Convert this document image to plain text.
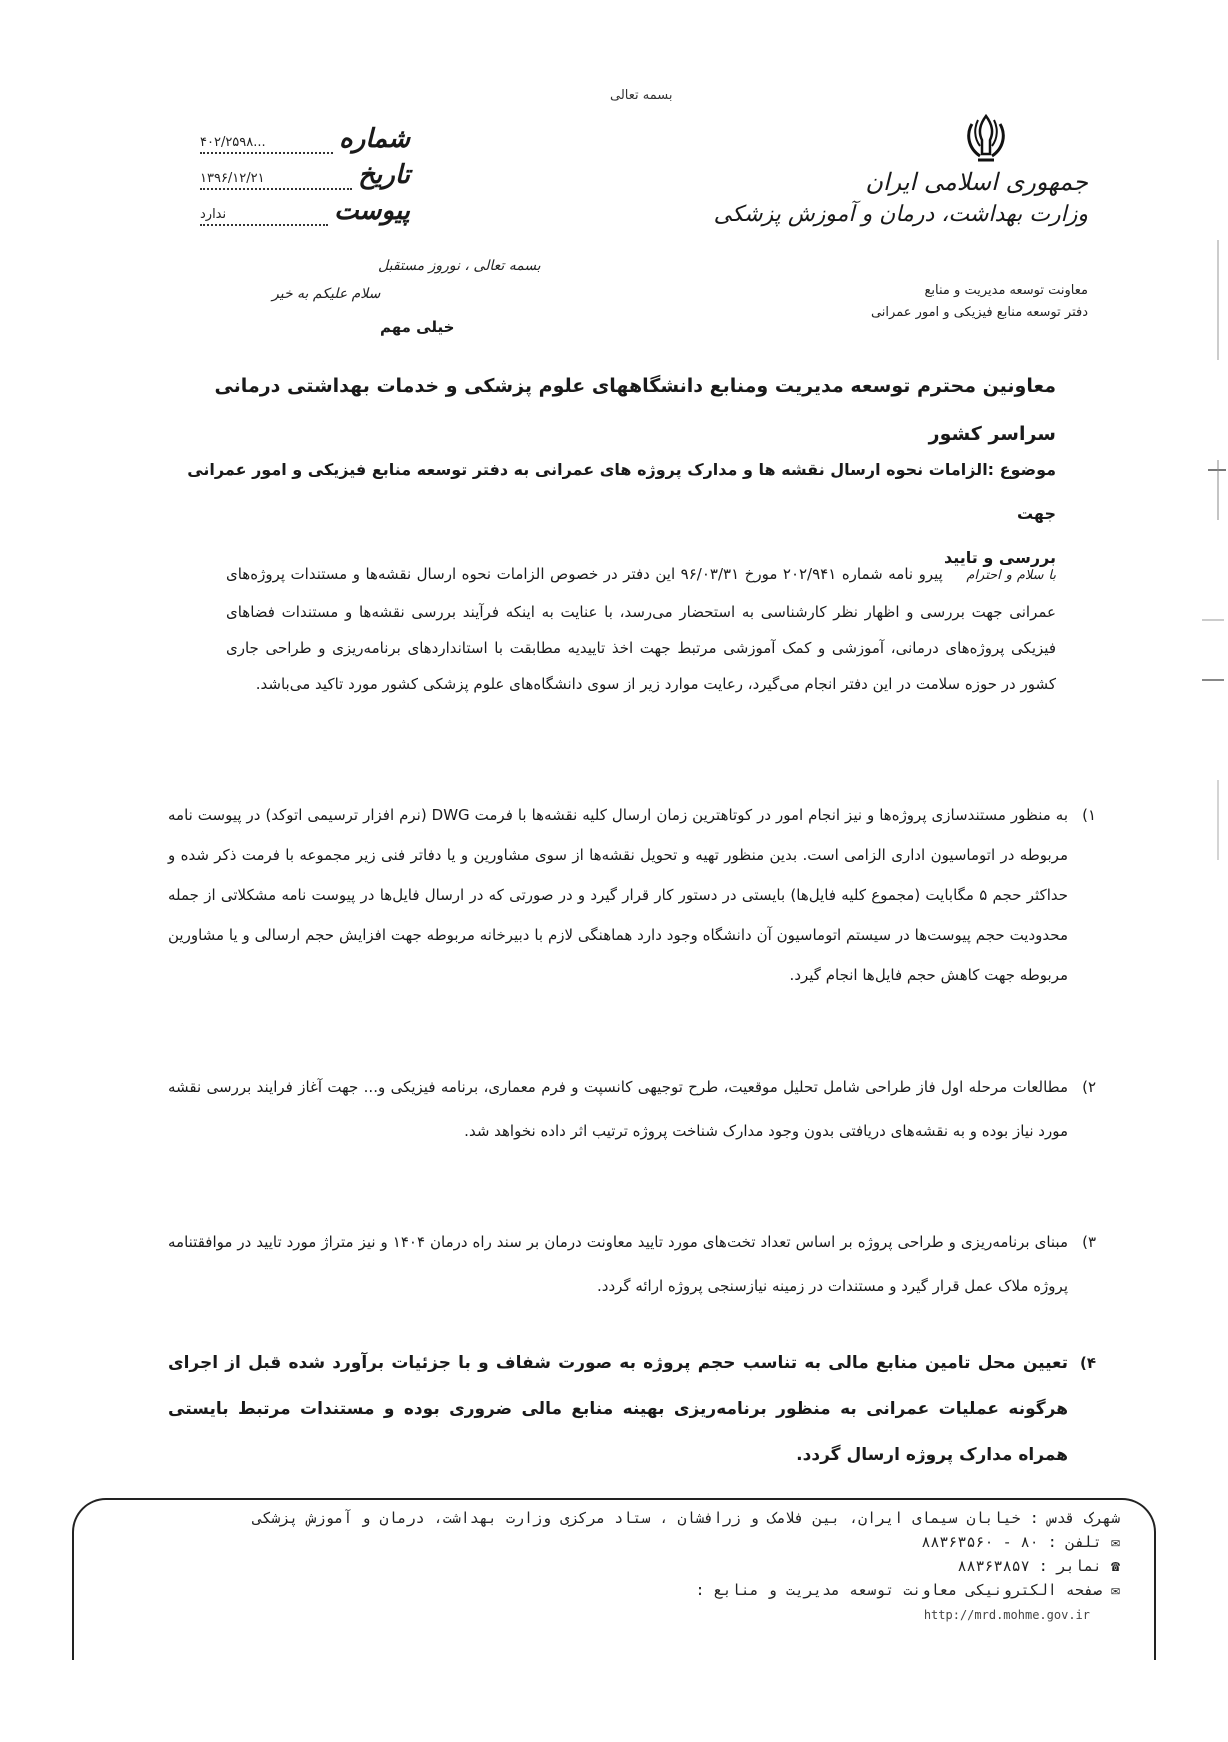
بسمه تعالی
جمهوری اسلامی ایران
وزارت بهداشت، درمان و آموزش پزشکی
معاونت توسعه مدیریت و منابع
دفتر توسعه منابع فیزیکی و امور عمرانی
شماره
۴۰۲/۲۵۹۸...
تاریخ
۱۳۹۶/۱۲/۲۱
پیوست
ندارد
بسمه تعالی ، نوروز مستقبل
سلام علیکم به خیر
خیلی مهم
معاونین محترم توسعه مدیریت ومنابع دانشگاههای علوم پزشکی و خدمات بهداشتی درمانی سراسر کشور
موضوع :الزامات نحوه ارسال نقشه ها و مدارک پروژه های عمرانی به دفتر توسعه منابع فیزیکی و امور عمرانی جهت
بررسی و تایید
با سلام و احترام پیرو نامه شماره ۲۰۲/۹۴۱ مورخ ۹۶/۰۳/۳۱ این دفتر در خصوص الزامات نحوه ارسال نقشه‌ها و مستندات پروژه‌های عمرانی جهت بررسی و اظهار نظر کارشناسی به استحضار می‌رسد، با عنایت به اینکه فرآیند بررسی نقشه‌ها و مستندات فضاهای فیزیکی پروژه‌های درمانی، آموزشی و کمک آموزشی مرتبط جهت اخذ تاییدیه مطابقت با استانداردهای برنامه‌ریزی و طراحی جاری کشور در حوزه سلامت در این دفتر انجام می‌گیرد، رعایت موارد زیر از سوی دانشگاه‌های علوم پزشکی کشور مورد تاکید می‌باشد.
۱)
به منظور مستندسازی پروژه‌ها و نیز انجام امور در کوتاهترین زمان ارسال کلیه نقشه‌ها با فرمت DWG (نرم افزار ترسیمی اتوکد) در پیوست نامه مربوطه در اتوماسیون اداری الزامی است. بدین منظور تهیه و تحویل نقشه‌ها از سوی مشاورین و یا دفاتر فنی زیر مجموعه با فرمت ذکر شده و حداکثر حجم ۵ مگابایت (مجموع کلیه فایل‌ها) بایستی در دستور کار قرار گیرد و در صورتی که در ارسال فایل‌ها در پیوست نامه مشکلاتی از جمله محدودیت حجم پیوست‌ها در سیستم اتوماسیون آن دانشگاه وجود دارد هماهنگی لازم با دبیرخانه مربوطه جهت افزایش حجم ارسالی و یا مشاورین مربوطه جهت کاهش حجم فایل‌ها انجام گیرد.
۲)
مطالعات مرحله اول فاز طراحی شامل تحلیل موقعیت، طرح توجیهی کانسپت و فرم معماری، برنامه فیزیکی و... جهت آغاز فرایند بررسی نقشه مورد نیاز بوده و به نقشه‌های دریافتی بدون وجود مدارک شناخت پروژه ترتیب اثر داده نخواهد شد.
۳)
مبنای برنامه‌ریزی و طراحی پروژه بر اساس تعداد تخت‌های مورد تایید معاونت درمان بر سند راه درمان ۱۴۰۴ و نیز متراژ مورد تایید در موافقتنامه پروژه ملاک عمل قرار گیرد و مستندات در زمینه نیازسنجی پروژه ارائه گردد.
۴)
تعیین محل تامین منابع مالی به تناسب حجم پروژه به صورت شفاف و با جزئیات برآورد شده قبل از اجرای هرگونه عملیات عمرانی به منظور برنامه‌ریزی بهینه منابع مالی ضروری بوده و مستندات مرتبط بایستی همراه مدارک پروژه ارسال گردد.
شهرک قدس : خیابان سیمای ایران، بین فلامک و زرافشان ، ستاد مرکزی وزارت بهداشت، درمان و آموزش پزشکی
✉ تلفن : ۸۰ - ۸۸۳۶۳۵۶۰
☎ نمابر : ۸۸۳۶۳۸۵۷
✉ صفحه الکترونیکی معاونت توسعه مدیریت و منابع :
http://mrd.mohme.gov.ir
